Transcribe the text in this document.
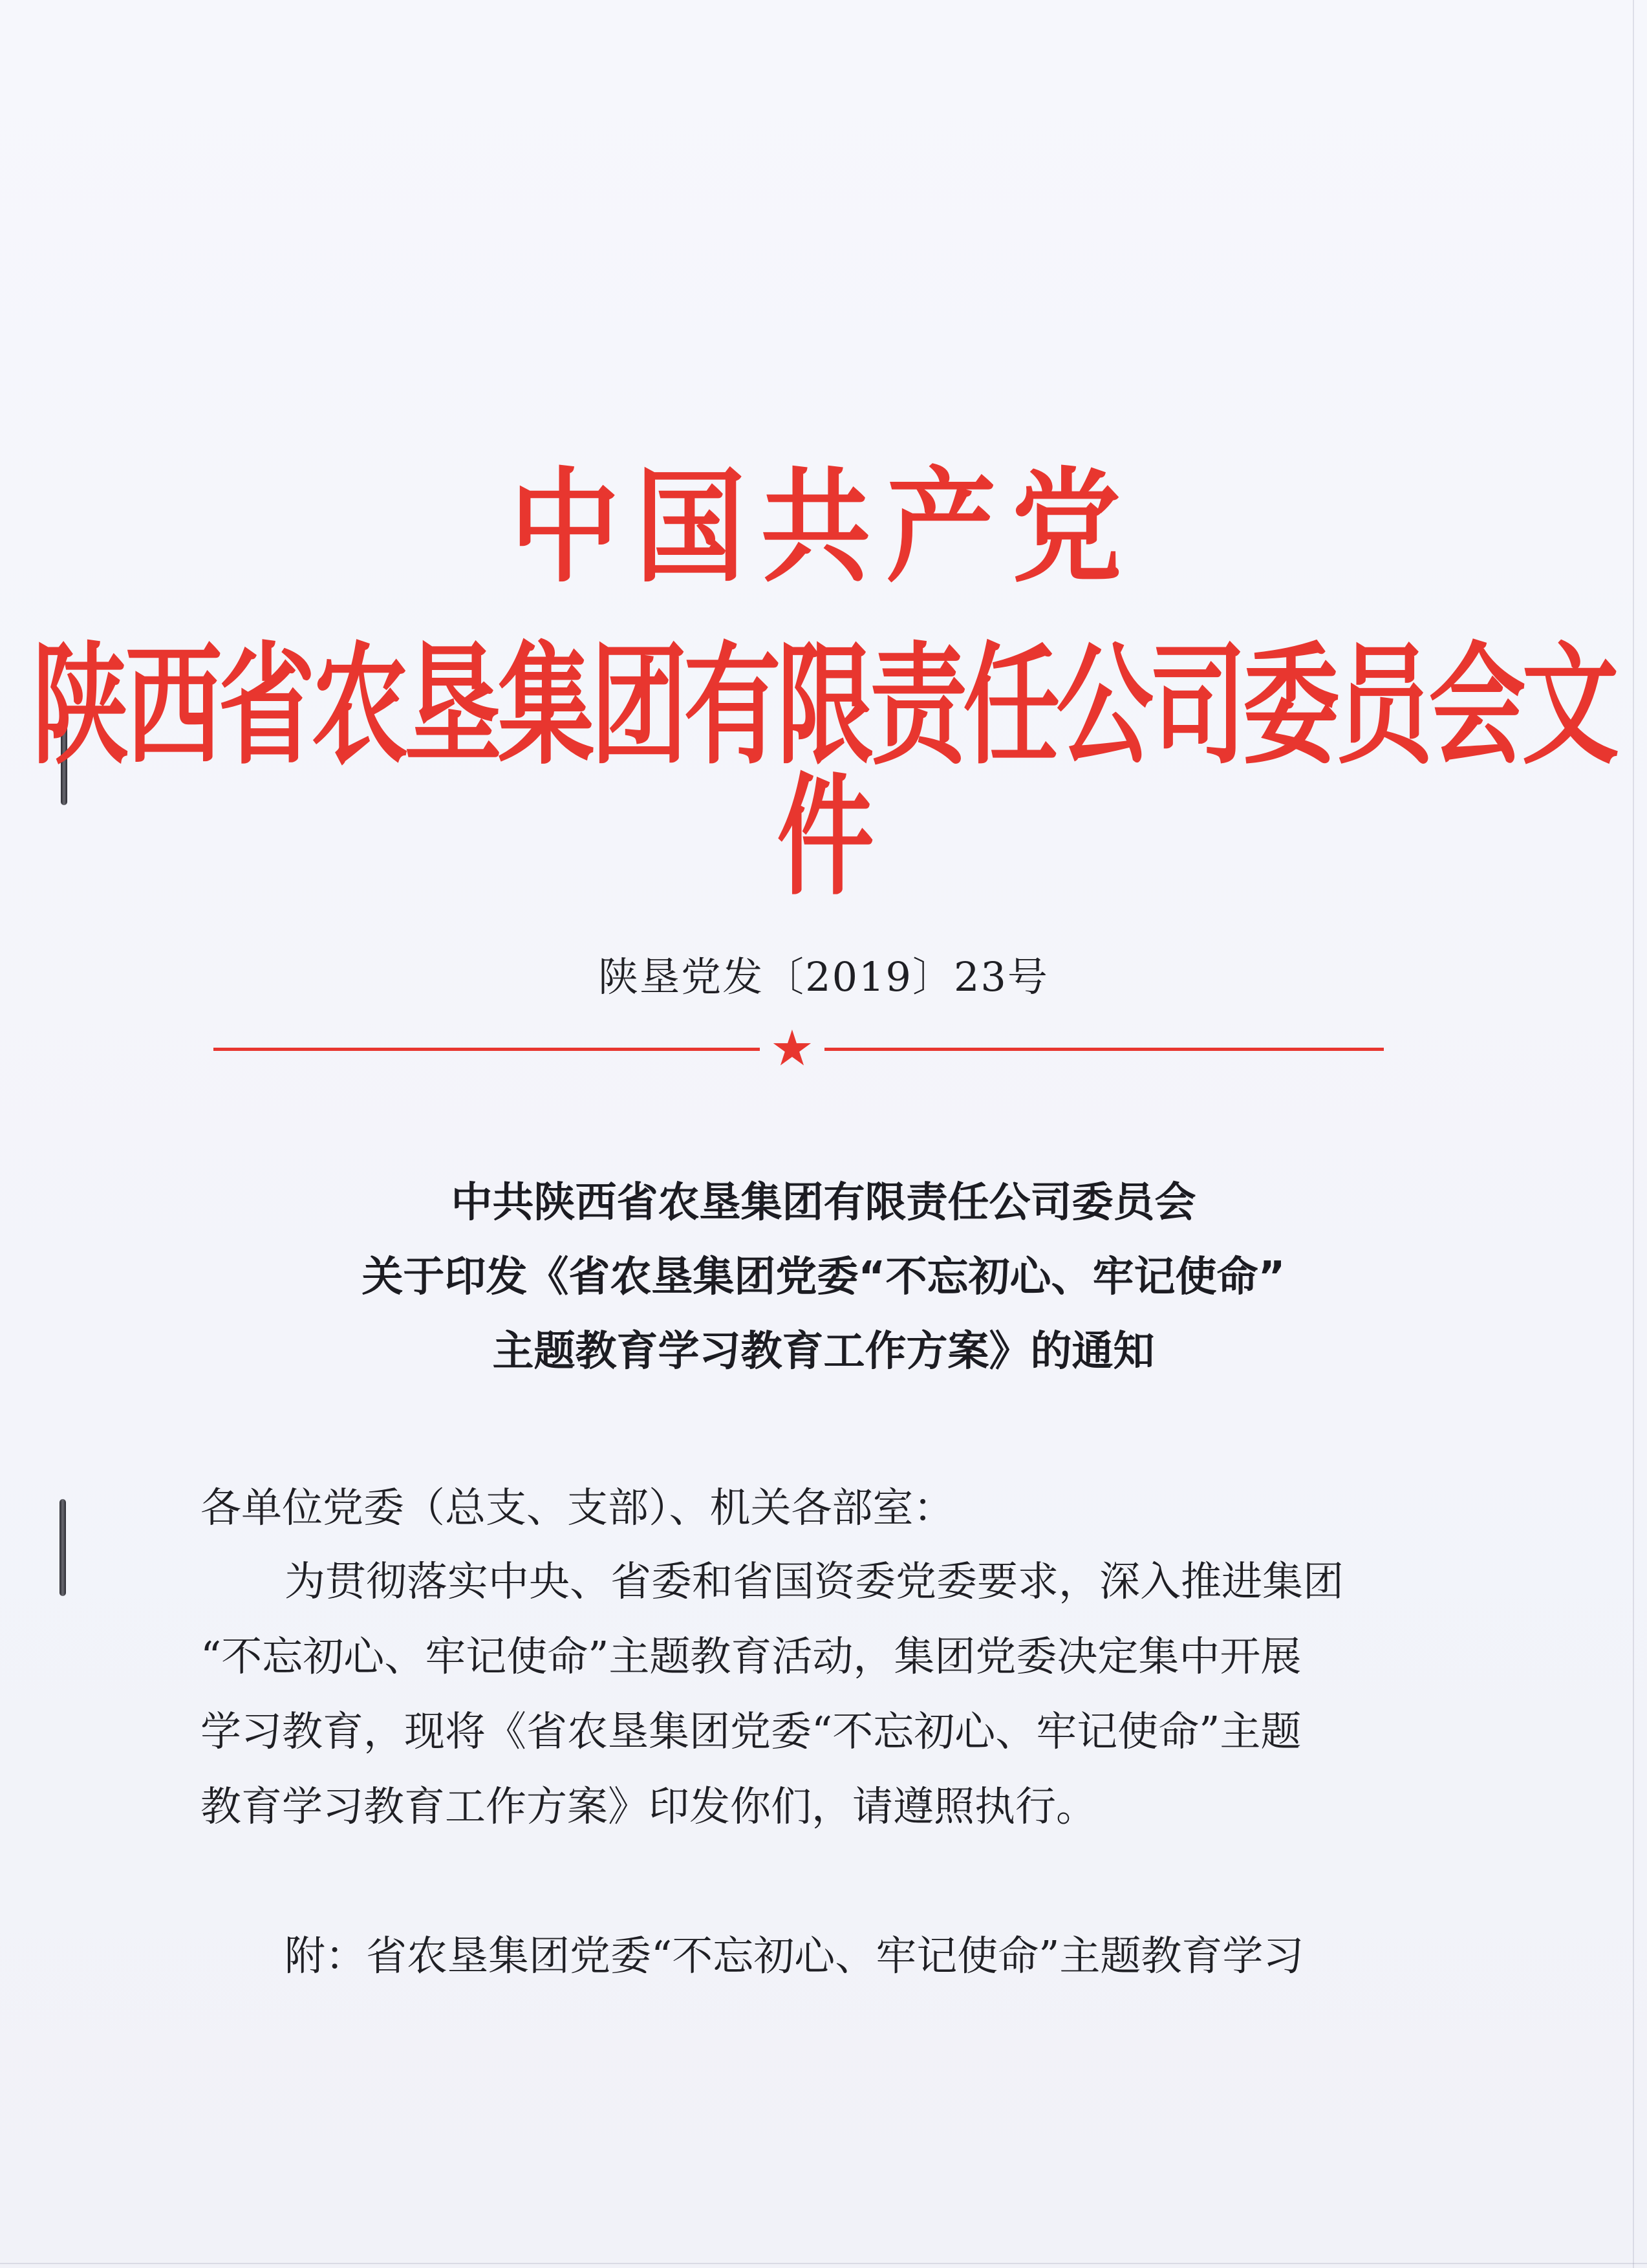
中国共产党
陕西省农垦集团有限责任公司委员会文件
陕垦党发〔2019〕23号
★
中共陕西省农垦集团有限责任公司委员会
关于印发《省农垦集团党委“不忘初心、牢记使命”
主题教育学习教育工作方案》的通知
各单位党委（总支、支部）、机关各部室：
为贯彻落实中央、省委和省国资委党委要求，深入推进集团
“不忘初心、牢记使命”主题教育活动，集团党委决定集中开展
学习教育，现将《省农垦集团党委“不忘初心、牢记使命”主题
教育学习教育工作方案》印发你们，请遵照执行。
附：省农垦集团党委“不忘初心、牢记使命”主题教育学习
